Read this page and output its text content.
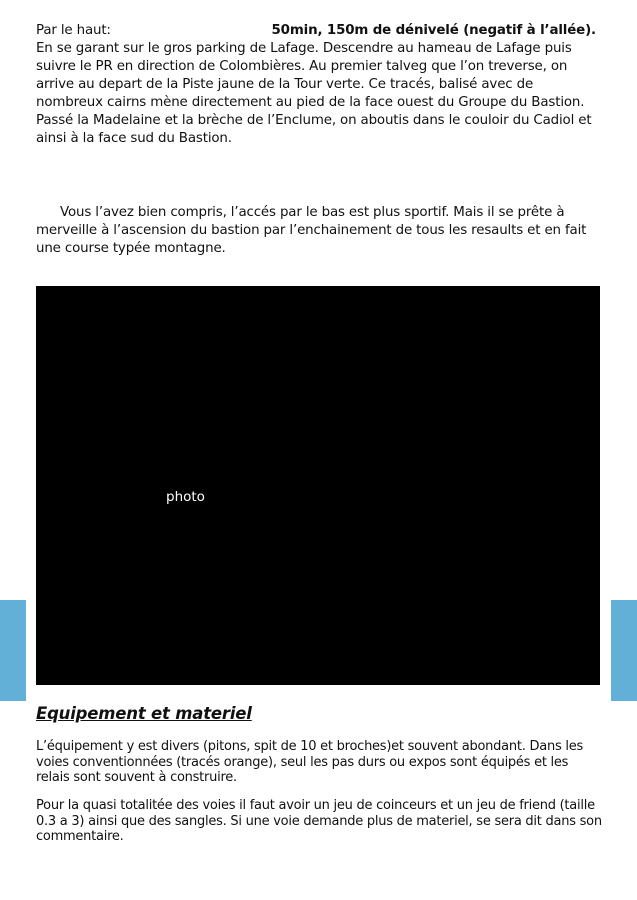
Par le haut:	50min, 150m de dénivelé (negatif à l’allée).

En se garant sur le gros parking de Lafage. Descendre au hameau de Lafage puis suivre le PR en direction de Colombières. Au premier talveg que l’on treverse, on arrive au depart de la Piste jaune de la Tour verte. Ce tracés, balisé avec de nombreux cairns mène directement au pied de la face ouest du Groupe du Bastion. Passé la Madelaine et la brèche de l’Enclume, on aboutis dans le couloir du Cadiol et ainsi à la face sud du Bastion.

Vous l’avez bien compris, l’accés par le bas est plus sportif. Mais il se prête à merveille à l’ascension du bastion par l’enchainement de tous les resaults et en fait une course typée montagne.

photo
Equipement et materiel

L’équipement y est divers (pitons, spit de 10 et broches)et souvent abondant. Dans les voies conventionnées (tracés orange), seul les pas durs ou expos sont équipés et les relais sont souvent à construire.

Pour la quasi totalitée des voies il faut avoir un jeu de coinceurs et un jeu de friend (taille 0.3 a 3) ainsi que des sangles. Si une voie demande plus de materiel, se sera dit dans son commentaire.
